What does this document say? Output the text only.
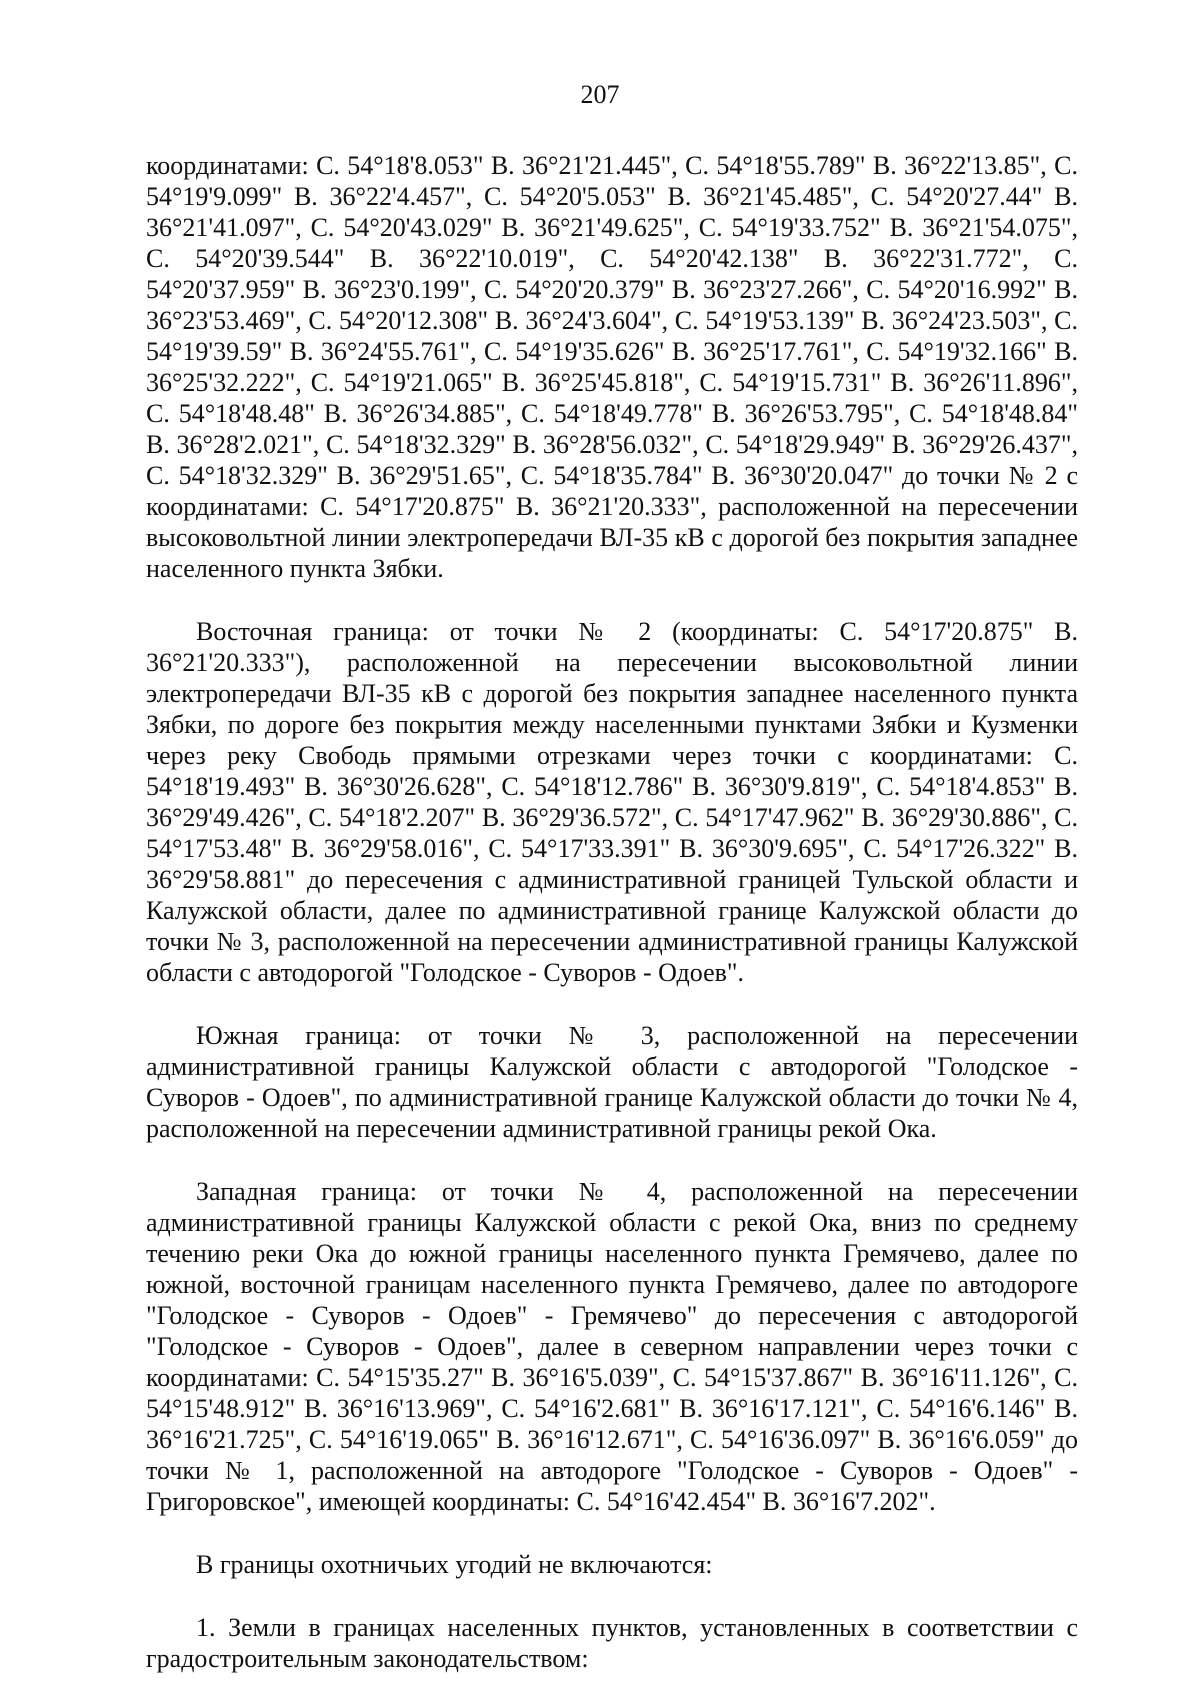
207

координатами: С. 54°18'8.053" В. 36°21'21.445", С. 54°18'55.789" В. 36°22'13.85", С. 54°19'9.099" В. 36°22'4.457", С. 54°20'5.053" В. 36°21'45.485", С. 54°20'27.44" В. 36°21'41.097", С. 54°20'43.029" В. 36°21'49.625", С. 54°19'33.752" В. 36°21'54.075", С. 54°20'39.544" В. 36°22'10.019", С. 54°20'42.138" В. 36°22'31.772", С. 54°20'37.959" В. 36°23'0.199", С. 54°20'20.379" В. 36°23'27.266", С. 54°20'16.992" В. 36°23'53.469", С. 54°20'12.308" В. 36°24'3.604", С. 54°19'53.139" В. 36°24'23.503", С. 54°19'39.59" В. 36°24'55.761", С. 54°19'35.626" В. 36°25'17.761", С. 54°19'32.166" В. 36°25'32.222", С. 54°19'21.065" В. 36°25'45.818", С. 54°19'15.731" В. 36°26'11.896", С. 54°18'48.48" В. 36°26'34.885", С. 54°18'49.778" В. 36°26'53.795", С. 54°18'48.84" В. 36°28'2.021", С. 54°18'32.329" В. 36°28'56.032", С. 54°18'29.949" В. 36°29'26.437", С. 54°18'32.329" В. 36°29'51.65", С. 54°18'35.784" В. 36°30'20.047" до точки № 2 с координатами: С. 54°17'20.875" В. 36°21'20.333", расположенной на пересечении высоковольтной линии электропередачи ВЛ-35 кВ с дорогой без покрытия западнее населенного пункта Зябки.

Восточная граница: от точки № 2 (координаты: С. 54°17'20.875" В. 36°21'20.333"), расположенной на пересечении высоковольтной линии электропередачи ВЛ-35 кВ с дорогой без покрытия западнее населенного пункта Зябки, по дороге без покрытия между населенными пунктами Зябки и Кузменки через реку Свободь прямыми отрезками через точки с координатами: С. 54°18'19.493" В. 36°30'26.628", С. 54°18'12.786" В. 36°30'9.819", С. 54°18'4.853" В. 36°29'49.426", С. 54°18'2.207" В. 36°29'36.572", С. 54°17'47.962" В. 36°29'30.886", С. 54°17'53.48" В. 36°29'58.016", С. 54°17'33.391" В. 36°30'9.695", С. 54°17'26.322" В. 36°29'58.881" до пересечения с административной границей Тульской области и Калужской области, далее по административной границе Калужской области до точки № 3, расположенной на пересечении административной границы Калужской области с автодорогой "Голодское - Суворов - Одоев".

Южная граница: от точки № 3, расположенной на пересечении административной границы Калужской области с автодорогой "Голодское - Суворов - Одоев", по административной границе Калужской области до точки № 4, расположенной на пересечении административной границы рекой Ока.

Западная граница: от точки № 4, расположенной на пересечении административной границы Калужской области с рекой Ока, вниз по среднему течению реки Ока до южной границы населенного пункта Гремячево, далее по южной, восточной границам населенного пункта Гремячево, далее по автодороге "Голодское - Суворов - Одоев" - Гремячево" до пересечения с автодорогой "Голодское - Суворов - Одоев", далее в северном направлении через точки с координатами: С. 54°15'35.27" В. 36°16'5.039", С. 54°15'37.867" В. 36°16'11.126", С. 54°15'48.912" В. 36°16'13.969", С. 54°16'2.681" В. 36°16'17.121", С. 54°16'6.146" В. 36°16'21.725", С. 54°16'19.065" В. 36°16'12.671", С. 54°16'36.097" В. 36°16'6.059" до точки № 1, расположенной на автодороге "Голодское - Суворов - Одоев" - Григоровское", имеющей координаты: С. 54°16'42.454" В. 36°16'7.202".

В границы охотничьих угодий не включаются:

1. Земли в границах населенных пунктов, установленных в соответствии с градостроительным законодательством:
